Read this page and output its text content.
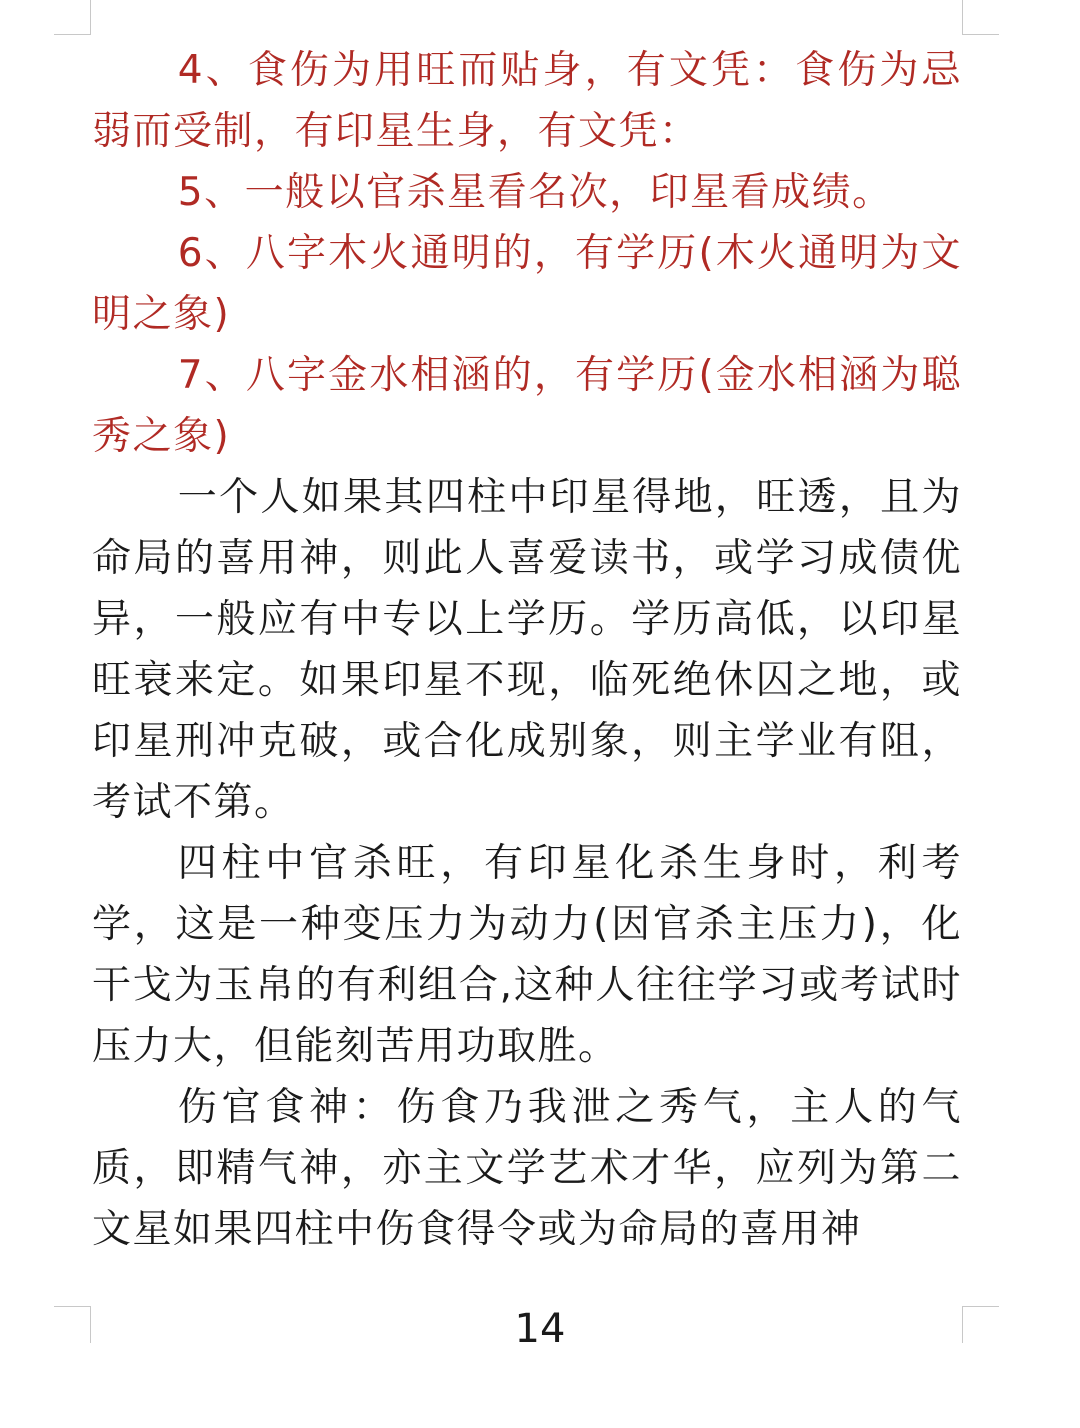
4、食伤为用旺而贴身，有文凭：食伤为忌弱而受制，有印星生身，有文凭：

5、一般以官杀星看名次，印星看成绩。

6、八字木火通明的，有学历(木火通明为文明之象)

7、八字金水相涵的，有学历(金水相涵为聪秀之象)

一个人如果其四柱中印星得地，旺透，且为命局的喜用神，则此人喜爱读书，或学习成债优异，一般应有中专以上学历。学历高低，以印星旺衰来定。如果印星不现，临死绝休囚之地，或印星刑冲克破，或合化成别象，则主学业有阻，考试不第。

四柱中官杀旺，有印星化杀生身时，利考学，这是一种变压力为动力(因官杀主压力)，化干戈为玉帛的有利组合,这种人往往学习或考试时压力大，但能刻苦用功取胜。

伤官食神：伤食乃我泄之秀气，主人的气质，即精气神，亦主文学艺术才华，应列为第二文星如果四柱中伤食得令或为命局的喜用神

14
